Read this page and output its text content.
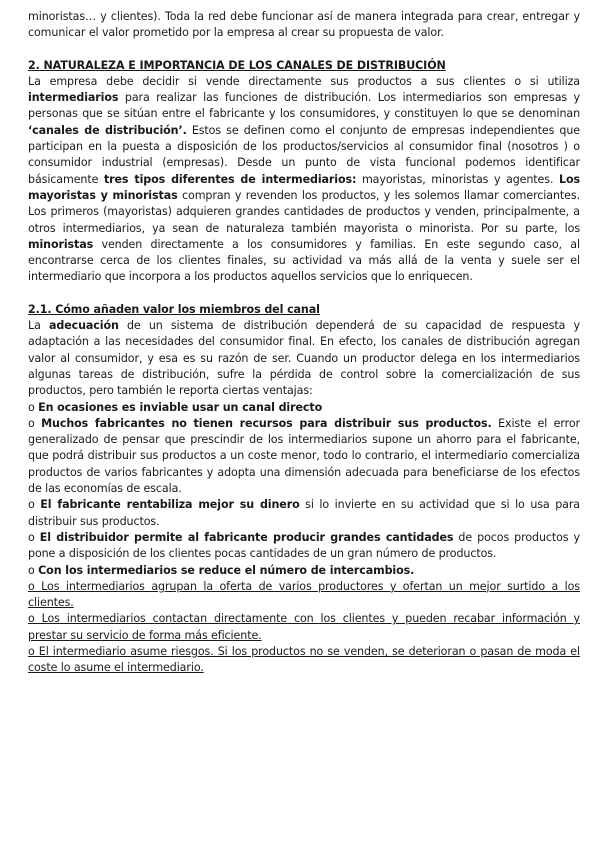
minoristas… y clientes). Toda la red debe funcionar así de manera integrada para crear, entregar y comunicar el valor prometido por la empresa al crear su propuesta de valor.

2. NATURALEZA E IMPORTANCIA DE LOS CANALES DE DISTRIBUCIÓN

La empresa debe decidir si vende directamente sus productos a sus clientes o si utiliza intermediarios para realizar las funciones de distribución. Los intermediarios son empresas y personas que se sitúan entre el fabricante y los consumidores, y constituyen lo que se denominan ‘canales de distribución’. Estos se definen como el conjunto de empresas independientes que participan en la puesta a disposición de los productos/servicios al consumidor final (nosotros ) o consumidor industrial (empresas). Desde un punto de vista funcional podemos identificar básicamente tres tipos diferentes de intermediarios: mayoristas, minoristas y agentes. Los mayoristas y minoristas compran y revenden los productos, y les solemos llamar comerciantes. Los primeros (mayoristas) adquieren grandes cantidades de productos y venden, principalmente, a otros intermediarios, ya sean de naturaleza también mayorista o minorista. Por su parte, los minoristas venden directamente a los consumidores y familias. En este segundo caso, al encontrarse cerca de los clientes finales, su actividad va más allá de la venta y suele ser el intermediario que incorpora a los productos aquellos servicios que lo enriquecen.

2.1. Cómo añaden valor los miembros del canal

La adecuación de un sistema de distribución dependerá de su capacidad de respuesta y adaptación a las necesidades del consumidor final. En efecto, los canales de distribución agregan valor al consumidor, y esa es su razón de ser. Cuando un productor delega en los intermediarios algunas tareas de distribución, sufre la pérdida de control sobre la comercialización de sus productos, pero también le reporta ciertas ventajas:

o En ocasiones es inviable usar un canal directo

o Muchos fabricantes no tienen recursos para distribuir sus productos. Existe el error generalizado de pensar que prescindir de los intermediarios supone un ahorro para el fabricante, que podrá distribuir sus productos a un coste menor, todo lo contrario, el intermediario comercializa productos de varios fabricantes y adopta una dimensión adecuada para beneficiarse de los efectos de las economías de escala.

o El fabricante rentabiliza mejor su dinero si lo invierte en su actividad que si lo usa para distribuir sus productos.

o El distribuidor permite al fabricante producir grandes cantidades de pocos productos y pone a disposición de los clientes pocas cantidades de un gran número de productos.

o Con los intermediarios se reduce el número de intercambios.

o Los intermediarios agrupan la oferta de varios productores y ofertan un mejor surtido a los clientes.

o Los intermediarios contactan directamente con los clientes y pueden recabar información y prestar su servicio de forma más eficiente.

o El intermediario asume riesgos. Si los productos no se venden, se deterioran o pasan de moda el coste lo asume el intermediario.
